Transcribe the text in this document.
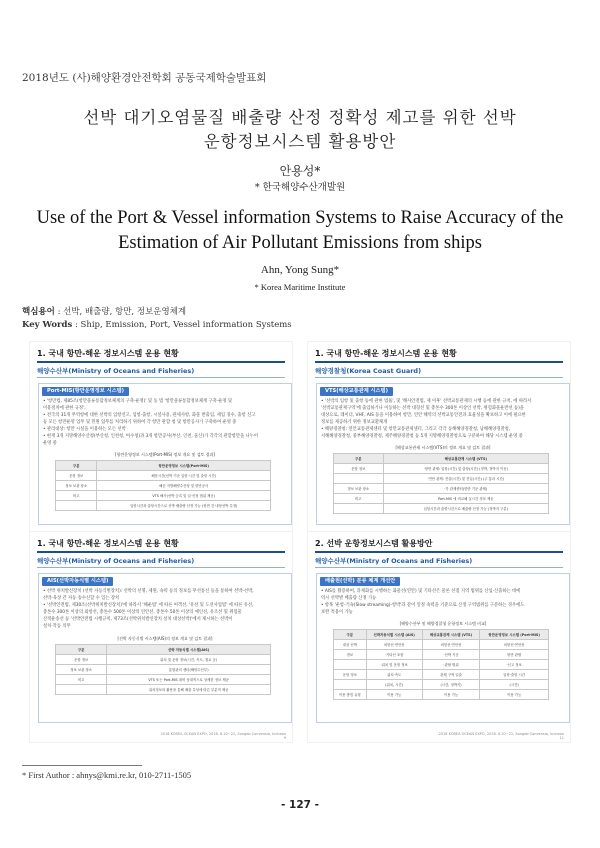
2018년도 (사)해양환경안전학회 공동국제학술발표회
선박 대기오염물질 배출량 산정 정확성 제고를 위한 선박
운항정보시스템 활용방안
안용성*
* 한국해양수산개발원
Use of the Port & Vessel information Systems to Raise Accuracy of the
Estimation of Air Pollutant Emissions from ships
Ahn, Yong Sung*
* Korea Maritime Institute
핵심용어 : 선박, 배출량, 항만, 정보운영체계
Key Words : Ship, Emission, Port, Vessel information Systems
1. 국내 항만-해운 정보시스템 운용 현황
해양수산부(Ministry of Oceans and Fisheries)
Port-MIS(항만운영정보 시스템)
• '항만법, 제85조(항만물류통합정보체계의 구축·운영)' 및 동 법 '항만물류통합정보체계 구축·운영 및
이용절차에 관한 규정',
• 전국의 31개 무역항에 대한 선박의 입항신고, 입항·출항, 시설사용, 관세사항, 화물 반출입, 세입 징수, 출항 신고
등 모든 항만운영 업무 및 민원 업무를 처리하기 위하여 각 항만 관할 청 및 항만공사가 구축하여 운영 중
• 관리대상: 항만 시설을 이용하는 모든 선박
• 현재 3개 지방해양수산청(부산청, 인천청, 여수청)과 3개 항만공사(부산, 인천, 울산)가 각각의 관할항만을 나누어
운영 중
[항만운영정보 시스템(Port-MIS) 정보 개요 및 검토 결과]
구분	항만운영정보 시스템(Port-MIS)
운항 정보	해운시간(선박 기준 입항·시간 및 출항 시간)
정보 보관 장소	해운 지방해양수산청 및 항만공사
비고	VTS 해사(선박 등록 및 입·신청 범위 제공)
	입항시간과 출항시간으로 선박 배출량 산정 가능 (항만 간 내항선박 특정)

1. 국내 항만-해운 정보시스템 운용 현황
해양경찰청(Korea Coast Guard)
VTS(해상교통관제 시스템)
• '선박의 입항 및 출항 등에 관한 법률', 및 '해사안전법, 제 이후' 선박교통관제의 시행 등에 관한 규칙, 에 따라서
'선박교통관제구역'에 출입하거나 이동하는 선박 대형선 및 총톤수 300톤 이상인 선박, 위험화물운반선 등)을
대상으로, 레이더, VHF, AIS 등을 이용하여 항만, 연안 해역의 선박교통안전과 효율성을 확보하고 이에 필요한
정보를 제공하기 위한 정보교환체계
• 해양경찰청: 연안교통관제센터 및 항만교통관제센터, 그리고 각각 동해해양경찰청, 남해해양경찰청,
서해해양경찰청, 중부해양경찰청, 제주해양경찰청 등 5개 지방해양경찰청으로 구분하여 해당 시스템 운영 중
[해상교통관제 시스템(VTS)의 정보 개요 및 검토 결과]
구분	해상교통관제 시스템 (VTS)
운항 정보	·항만 관제: 입항(시간) 및 출항(시간) (정박, 정박지 이동)
	·연안 관제: 진출(시간) 및 진입(시간) (주 통과 시간)
정보 보관 장소	·각 관제센터(항만 기준 관제)
비고	Port-MIS 에 비교해 실시간 정보 제공
	입항시간과 출항시간으로 배출량 산정 가능 (정박지 구분)

1. 국내 항만-해운 정보시스템 운용 현황
해양수산부(Ministry of Oceans and Fisheries)
AIS(선박자동식별 시스템)
• 선박 위치발신장치 (선박 자동식별장치): 선박의 선명, 제원, 속력 등의 정보를 무선통신 등을 통하여 선박-선박,
선박-육상 간 자동 송수신할 수 있는 장치
• '선박안전법, 제30조(선박위치발신장치)'에 따라서 '해운법' 에 따른 여객선, '유선 및 도선사업법' 에 따른 유선,
총톤수 300톤 이상의 외항선, 총톤수 500톤 이상의 연안선, 총톤수 50톤 이상의 예인선, 유조선 및 위험물
산적운송선 등 '선박안전법 시행규칙, 제73조(선박위치발신장치 설치 대상선박)'에서 제시하는 선박이
설치·작동 의무
[선박 자동식별 시스템(AIS)의 정보 개요 및 검토 결과]
구분	선박 자동식별 시스템(AIS)
운항 정보	위치 및 운항 정보(시간, 속도, 침로 등)
정보 보관 장소	통합관리 센터(해양수산부)
비고	VTS 또는 Port-MIS 대비 상대적으로 상세한 정보 제공
	위치정보의 활용을 통해 배출 특성에 따른 부분적 제공
2018 KOREA OCEAN EXPO, 2018. 6.20~22, Songdo Convensia, Incheon
9
2. 선박 운항정보시스템 활용방안
해양수산부(Ministry of Oceans and Fisheries)
배출원(선박) 분류 체계 개선안
• AIS를 활용하여, 과제화를 시행하는 화물선(연안) 및 기타선은 물론 선점 지역 범위를 산입·산출하는 데에
역시 선박별 배출량 산정 가능
• 항목 '운항-거속(Slow streaming)-항박'과 같이 일정 속력을 기준으로 산정 구역범위를 구분하는 경우에도
보완 적용이 가능
[해양수산부 및 해양경찰청 운항정보 시스템 비교]
구분	선박자동식별 시스템 (AIS)	해상교통관제 시스템 (VTS)	항만운영정보 시스템 (Port-MIS)
대상 선박	외항선·연안선	외항선·연안선	외항선·연안선
정보	·기타선 포함	·선박 기준	항만 관할
	·위치 및 운항 정보	·관할 범위	·신고 정보
운항 정보	위치·속도	관제 구역 입출	입항·출항 시간
	(위치, 시간)	(시간, 정박지)	(시간)
이용 방법 유형	이용 가능	이용 가능	이용 가능
2018 KOREA OCEAN EXPO, 2018. 6.20~22, Songdo Convensia, Incheon
11
* First Author : ahnys@kmi.re.kr, 010-2711-1505
- 127 -
